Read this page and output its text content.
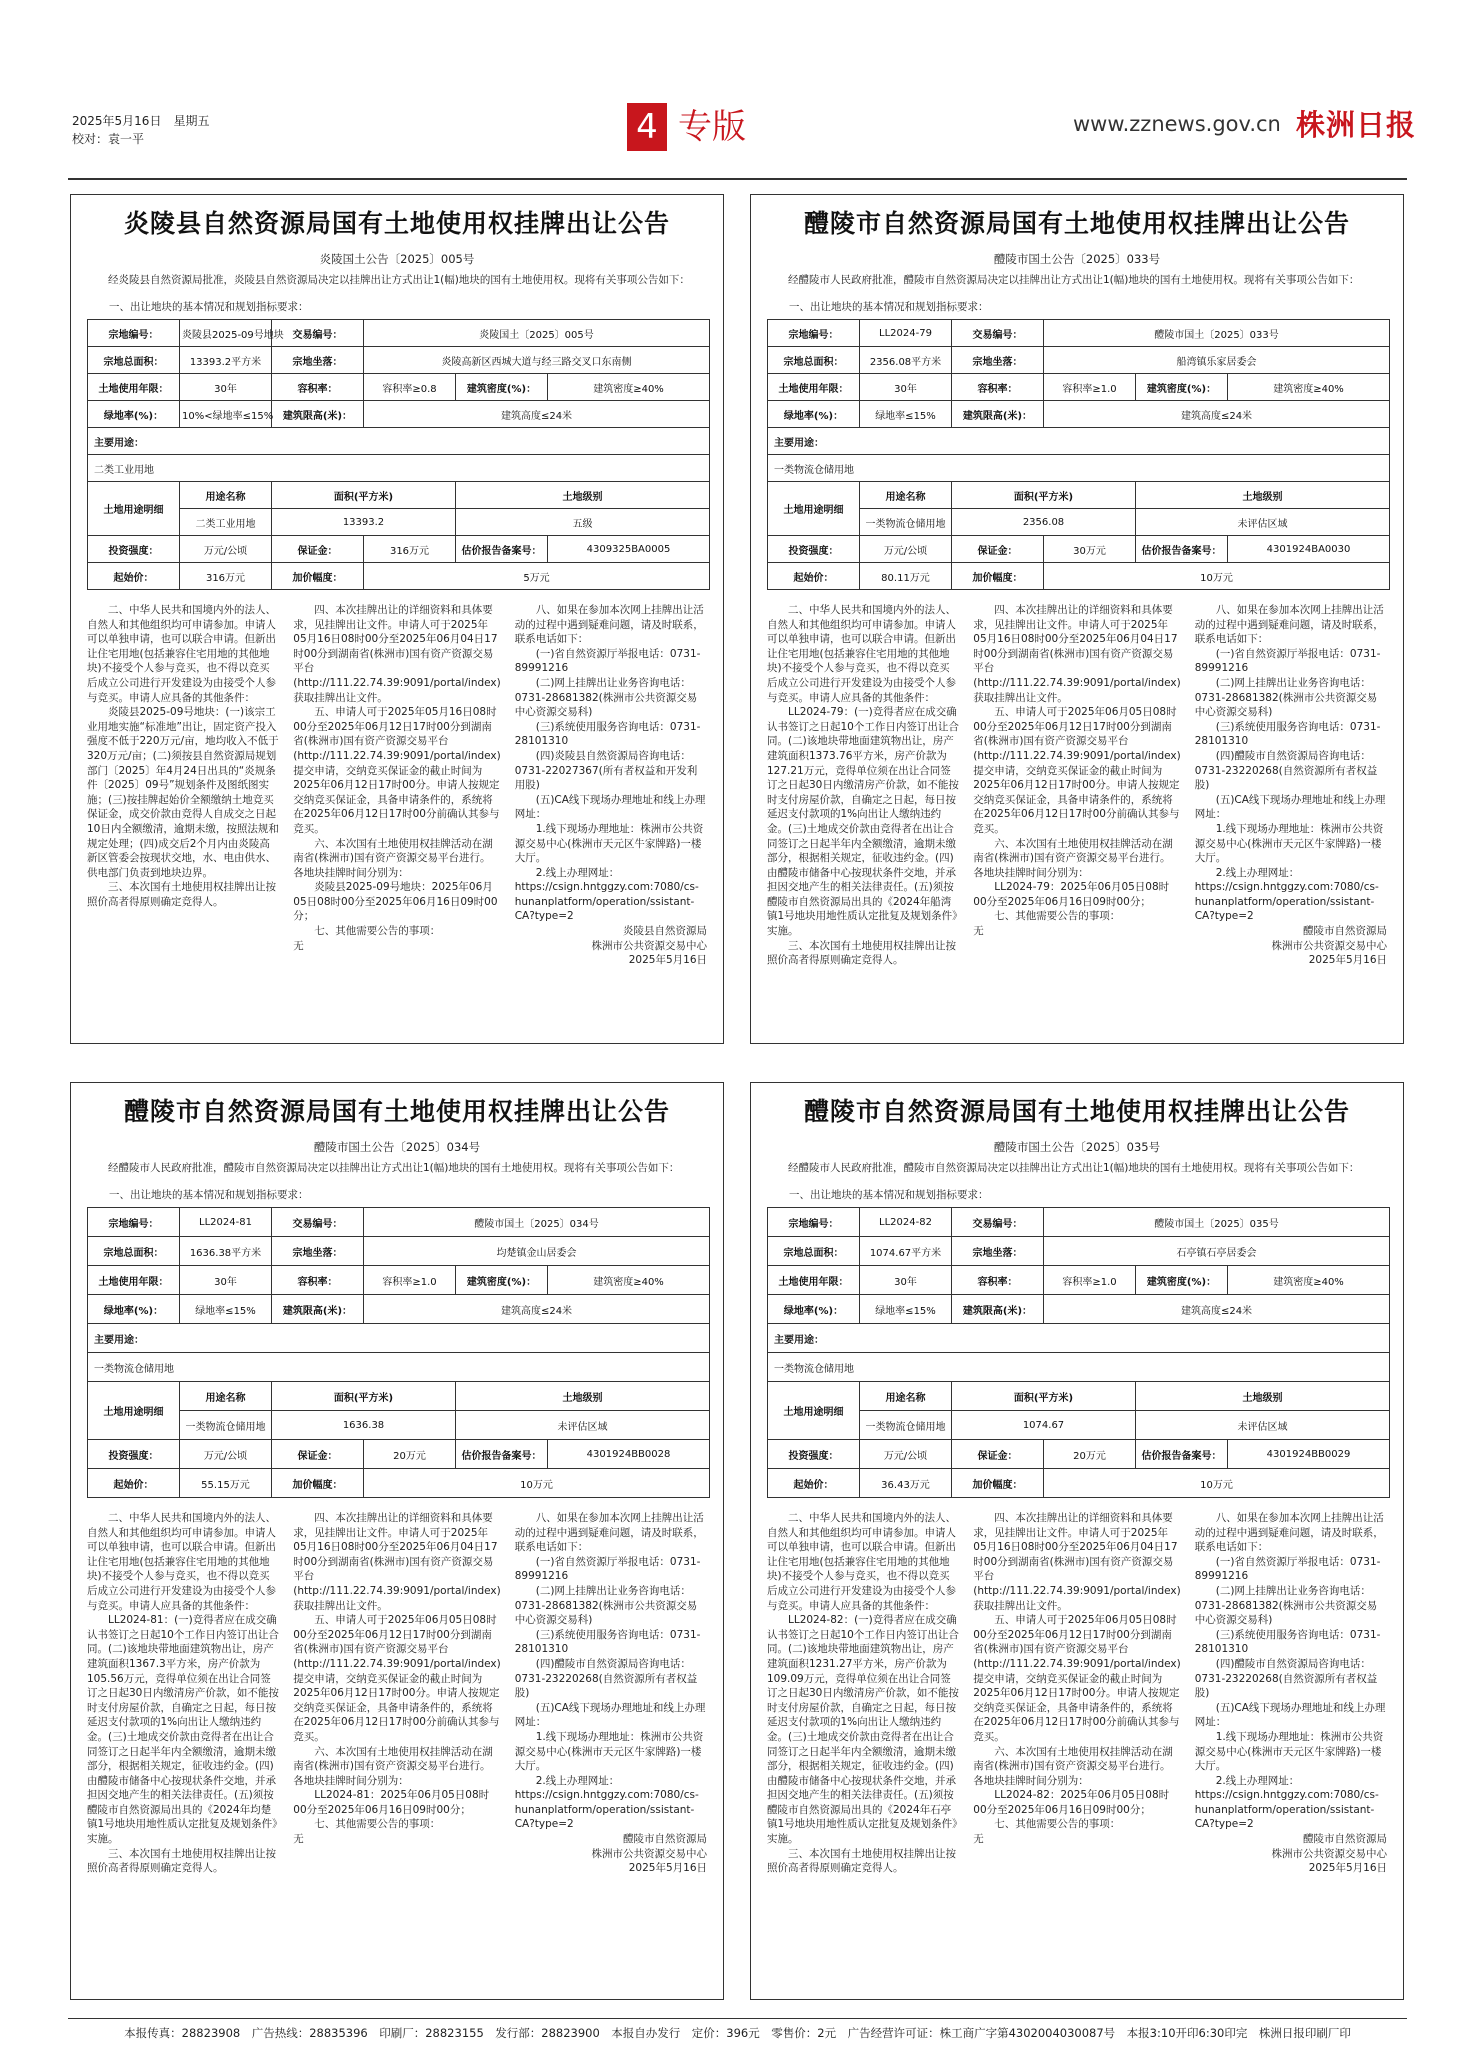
2025年5月16日　星期五
校对：袁一平	4 专版	www.zznews.gov.cn 株洲日报
炎陵县自然资源局国有土地使用权挂牌出让公告
炎陵国土公告〔2025〕005号
经炎陵县自然资源局批准，炎陵县自然资源局决定以挂牌出让方式出让1(幅)地块的国有土地使用权。现将有关事项公告如下：
一、出让地块的基本情况和规划指标要求：
宗地编号：	炎陵县2025-09号地块	交易编号：	炎陵国土〔2025〕005号		
宗地总面积：	13393.2平方米	宗地坐落：	炎陵高新区西城大道与经三路交叉口东南侧		
土地使用年限：	30年	容积率：	容积率≥0.8	建筑密度(%)：	建筑密度≥40%
绿地率(%)：	10%<绿地率≤15%	建筑限高(米)：	建筑高度≤24米		
主要用途：					
二类工业用地					
土地用途明细	用途名称	面积(平方米)		土地级别	
	二类工业用地	13393.2		五级	
投资强度：	万元/公顷	保证金：	316万元	估价报告备案号：	4309325BA0005
起始价：	316万元	加价幅度：	5万元		

二、中华人民共和国境内外的法人、自然人和其他组织均可申请参加。申请人可以单独申请，也可以联合申请。但新出让住宅用地(包括兼容住宅用地的其他地块)不接受个人参与竞买，也不得以竞买后成立公司进行开发建设为由接受个人参与竞买。申请人应具备的其他条件：

炎陵县2025-09号地块：(一)该宗工业用地实施“标准地”出让，固定资产投入强度不低于220万元/亩，地均收入不低于320万元/亩；(二)须按县自然资源局规划部门〔2025〕年4月24日出具的“炎规条件〔2025〕09号”规划条件及图纸图实施；(三)按挂牌起始价全额缴纳土地竞买保证金，成交价款由竞得人自成交之日起10日内全额缴清，逾期未缴，按照法规和规定处理；(四)成交后2个月内由炎陵高新区管委会按现状交地，水、电由供水、供电部门负责到地块边界。

三、本次国有土地使用权挂牌出让按照价高者得原则确定竞得人。

四、本次挂牌出让的详细资料和具体要求，见挂牌出让文件。申请人可于2025年05月16日08时00分至2025年06月04日17时00分到湖南省(株洲市)国有资产资源交易平台(http://111.22.74.39:9091/portal/index)获取挂牌出让文件。

五、申请人可于2025年05月16日08时00分至2025年06月12日17时00分到湖南省(株洲市)国有资产资源交易平台(http://111.22.74.39:9091/portal/index)提交申请，交纳竞买保证金的截止时间为2025年06月12日17时00分。申请人按规定交纳竞买保证金，具备申请条件的，系统将在2025年06月12日17时00分前确认其参与竞买。

六、本次国有土地使用权挂牌活动在湖南省(株洲市)国有资产资源交易平台进行。各地块挂牌时间分别为：

炎陵县2025-09号地块：2025年06月05日08时00分至2025年06月16日09时00分；

七、其他需要公告的事项：

无

八、如果在参加本次网上挂牌出让活动的过程中遇到疑难问题，请及时联系，联系电话如下：

(一)省自然资源厅举报电话：0731-89991216

(二)网上挂牌出让业务咨询电话：0731-28681382(株洲市公共资源交易中心资源交易科)

(三)系统使用服务咨询电话：0731-28101310

(四)炎陵县自然资源局咨询电话：0731-22027367(所有者权益和开发利用股)

(五)CA线下现场办理地址和线上办理网址：

1.线下现场办理地址：株洲市公共资源交易中心(株洲市天元区牛家牌路)一楼大厅。

2.线上办理网址：https://csign.hntggzy.com:7080/cs-hunanplatform/operation/ssistant-CA?type=2

炎陵县自然资源局

株洲市公共资源交易中心

2025年5月16日

醴陵市自然资源局国有土地使用权挂牌出让公告
醴陵市国土公告〔2025〕033号
经醴陵市人民政府批准，醴陵市自然资源局决定以挂牌出让方式出让1(幅)地块的国有土地使用权。现将有关事项公告如下：
一、出让地块的基本情况和规划指标要求：
宗地编号：	LL2024-79	交易编号：	醴陵市国土〔2025〕033号		
宗地总面积：	2356.08平方米	宗地坐落：	船湾镇乐家居委会		
土地使用年限：	30年	容积率：	容积率≥1.0	建筑密度(%)：	建筑密度≥40%
绿地率(%)：	绿地率≤15%	建筑限高(米)：	建筑高度≤24米		
主要用途：					
一类物流仓储用地					
土地用途明细	用途名称	面积(平方米)		土地级别	
	一类物流仓储用地	2356.08		未评估区域	
投资强度：	万元/公顷	保证金：	30万元	估价报告备案号：	4301924BA0030
起始价：	80.11万元	加价幅度：	10万元		

二、中华人民共和国境内外的法人、自然人和其他组织均可申请参加。申请人可以单独申请，也可以联合申请。但新出让住宅用地(包括兼容住宅用地的其他地块)不接受个人参与竞买，也不得以竞买后成立公司进行开发建设为由接受个人参与竞买。申请人应具备的其他条件：

LL2024-79：(一)竞得者应在成交确认书签订之日起10个工作日内签订出让合同。(二)该地块带地面建筑物出让，房产建筑面积1373.76平方米，房产价款为127.21万元，竞得单位须在出让合同签订之日起30日内缴清房产价款，如不能按时支付房屋价款，自确定之日起，每日按延迟支付款项的1%向出让人缴纳违约金。(三)土地成交价款由竞得者在出让合同签订之日起半年内全额缴清，逾期未缴部分，根据相关规定，征收违约金。(四)由醴陵市储备中心按现状条件交地，并承担因交地产生的相关法律责任。(五)须按醴陵市自然资源局出具的《2024年船湾镇1号地块用地性质认定批复及规划条件》实施。

三、本次国有土地使用权挂牌出让按照价高者得原则确定竞得人。

四、本次挂牌出让的详细资料和具体要求，见挂牌出让文件。申请人可于2025年05月16日08时00分至2025年06月04日17时00分到湖南省(株洲市)国有资产资源交易平台(http://111.22.74.39:9091/portal/index)获取挂牌出让文件。

五、申请人可于2025年06月05日08时00分至2025年06月12日17时00分到湖南省(株洲市)国有资产资源交易平台(http://111.22.74.39:9091/portal/index)提交申请，交纳竞买保证金的截止时间为2025年06月12日17时00分。申请人按规定交纳竞买保证金，具备申请条件的，系统将在2025年06月12日17时00分前确认其参与竞买。

六、本次国有土地使用权挂牌活动在湖南省(株洲市)国有资产资源交易平台进行。各地块挂牌时间分别为：

LL2024-79：2025年06月05日08时00分至2025年06月16日09时00分；

七、其他需要公告的事项：

无

八、如果在参加本次网上挂牌出让活动的过程中遇到疑难问题，请及时联系，联系电话如下：

(一)省自然资源厅举报电话：0731-89991216

(二)网上挂牌出让业务咨询电话：0731-28681382(株洲市公共资源交易中心资源交易科)

(三)系统使用服务咨询电话：0731-28101310

(四)醴陵市自然资源局咨询电话：0731-23220268(自然资源所有者权益股)

(五)CA线下现场办理地址和线上办理网址：

1.线下现场办理地址：株洲市公共资源交易中心(株洲市天元区牛家牌路)一楼大厅。

2.线上办理网址：https://csign.hntggzy.com:7080/cs-hunanplatform/operation/ssistant-CA?type=2

醴陵市自然资源局

株洲市公共资源交易中心

2025年5月16日

醴陵市自然资源局国有土地使用权挂牌出让公告
醴陵市国土公告〔2025〕034号
经醴陵市人民政府批准，醴陵市自然资源局决定以挂牌出让方式出让1(幅)地块的国有土地使用权。现将有关事项公告如下：
一、出让地块的基本情况和规划指标要求：
宗地编号：	LL2024-81	交易编号：	醴陵市国土〔2025〕034号		
宗地总面积：	1636.38平方米	宗地坐落：	均楚镇金山居委会		
土地使用年限：	30年	容积率：	容积率≥1.0	建筑密度(%)：	建筑密度≥40%
绿地率(%)：	绿地率≤15%	建筑限高(米)：	建筑高度≤24米		
主要用途：					
一类物流仓储用地					
土地用途明细	用途名称	面积(平方米)		土地级别	
	一类物流仓储用地	1636.38		未评估区域	
投资强度：	万元/公顷	保证金：	20万元	估价报告备案号：	4301924BB0028
起始价：	55.15万元	加价幅度：	10万元		

二、中华人民共和国境内外的法人、自然人和其他组织均可申请参加。申请人可以单独申请，也可以联合申请。但新出让住宅用地(包括兼容住宅用地的其他地块)不接受个人参与竞买，也不得以竞买后成立公司进行开发建设为由接受个人参与竞买。申请人应具备的其他条件：

LL2024-81：(一)竞得者应在成交确认书签订之日起10个工作日内签订出让合同。(二)该地块带地面建筑物出让，房产建筑面积1367.3平方米，房产价款为105.56万元，竞得单位须在出让合同签订之日起30日内缴清房产价款，如不能按时支付房屋价款，自确定之日起，每日按延迟支付款项的1%向出让人缴纳违约金。(三)土地成交价款由竞得者在出让合同签订之日起半年内全额缴清，逾期未缴部分，根据相关规定，征收违约金。(四)由醴陵市储备中心按现状条件交地，并承担因交地产生的相关法律责任。(五)须按醴陵市自然资源局出具的《2024年均楚镇1号地块用地性质认定批复及规划条件》实施。

三、本次国有土地使用权挂牌出让按照价高者得原则确定竞得人。

四、本次挂牌出让的详细资料和具体要求，见挂牌出让文件。申请人可于2025年05月16日08时00分至2025年06月04日17时00分到湖南省(株洲市)国有资产资源交易平台(http://111.22.74.39:9091/portal/index)获取挂牌出让文件。

五、申请人可于2025年06月05日08时00分至2025年06月12日17时00分到湖南省(株洲市)国有资产资源交易平台(http://111.22.74.39:9091/portal/index)提交申请，交纳竞买保证金的截止时间为2025年06月12日17时00分。申请人按规定交纳竞买保证金，具备申请条件的，系统将在2025年06月12日17时00分前确认其参与竞买。

六、本次国有土地使用权挂牌活动在湖南省(株洲市)国有资产资源交易平台进行。各地块挂牌时间分别为：

LL2024-81：2025年06月05日08时00分至2025年06月16日09时00分；

七、其他需要公告的事项：

无

八、如果在参加本次网上挂牌出让活动的过程中遇到疑难问题，请及时联系，联系电话如下：

(一)省自然资源厅举报电话：0731-89991216

(二)网上挂牌出让业务咨询电话：0731-28681382(株洲市公共资源交易中心资源交易科)

(三)系统使用服务咨询电话：0731-28101310

(四)醴陵市自然资源局咨询电话：0731-23220268(自然资源所有者权益股)

(五)CA线下现场办理地址和线上办理网址：

1.线下现场办理地址：株洲市公共资源交易中心(株洲市天元区牛家牌路)一楼大厅。

2.线上办理网址：https://csign.hntggzy.com:7080/cs-hunanplatform/operation/ssistant-CA?type=2

醴陵市自然资源局

株洲市公共资源交易中心

2025年5月16日

醴陵市自然资源局国有土地使用权挂牌出让公告
醴陵市国土公告〔2025〕035号
经醴陵市人民政府批准，醴陵市自然资源局决定以挂牌出让方式出让1(幅)地块的国有土地使用权。现将有关事项公告如下：
一、出让地块的基本情况和规划指标要求：
宗地编号：	LL2024-82	交易编号：	醴陵市国土〔2025〕035号		
宗地总面积：	1074.67平方米	宗地坐落：	石亭镇石亭居委会		
土地使用年限：	30年	容积率：	容积率≥1.0	建筑密度(%)：	建筑密度≥40%
绿地率(%)：	绿地率≤15%	建筑限高(米)：	建筑高度≤24米		
主要用途：					
一类物流仓储用地					
土地用途明细	用途名称	面积(平方米)		土地级别	
	一类物流仓储用地	1074.67		未评估区域	
投资强度：	万元/公顷	保证金：	20万元	估价报告备案号：	4301924BB0029
起始价：	36.43万元	加价幅度：	10万元		

二、中华人民共和国境内外的法人、自然人和其他组织均可申请参加。申请人可以单独申请，也可以联合申请。但新出让住宅用地(包括兼容住宅用地的其他地块)不接受个人参与竞买，也不得以竞买后成立公司进行开发建设为由接受个人参与竞买。申请人应具备的其他条件：

LL2024-82：(一)竞得者应在成交确认书签订之日起10个工作日内签订出让合同。(二)该地块带地面建筑物出让，房产建筑面积1231.27平方米，房产价款为109.09万元，竞得单位须在出让合同签订之日起30日内缴清房产价款，如不能按时支付房屋价款，自确定之日起，每日按延迟支付款项的1%向出让人缴纳违约金。(三)土地成交价款由竞得者在出让合同签订之日起半年内全额缴清，逾期未缴部分，根据相关规定，征收违约金。(四)由醴陵市储备中心按现状条件交地，并承担因交地产生的相关法律责任。(五)须按醴陵市自然资源局出具的《2024年石亭镇1号地块用地性质认定批复及规划条件》实施。

三、本次国有土地使用权挂牌出让按照价高者得原则确定竞得人。

四、本次挂牌出让的详细资料和具体要求，见挂牌出让文件。申请人可于2025年05月16日08时00分至2025年06月04日17时00分到湖南省(株洲市)国有资产资源交易平台(http://111.22.74.39:9091/portal/index)获取挂牌出让文件。

五、申请人可于2025年06月05日08时00分至2025年06月12日17时00分到湖南省(株洲市)国有资产资源交易平台(http://111.22.74.39:9091/portal/index)提交申请，交纳竞买保证金的截止时间为2025年06月12日17时00分。申请人按规定交纳竞买保证金，具备申请条件的，系统将在2025年06月12日17时00分前确认其参与竞买。

六、本次国有土地使用权挂牌活动在湖南省(株洲市)国有资产资源交易平台进行。各地块挂牌时间分别为：

LL2024-82：2025年06月05日08时00分至2025年06月16日09时00分；

七、其他需要公告的事项：

无

八、如果在参加本次网上挂牌出让活动的过程中遇到疑难问题，请及时联系，联系电话如下：

(一)省自然资源厅举报电话：0731-89991216

(二)网上挂牌出让业务咨询电话：0731-28681382(株洲市公共资源交易中心资源交易科)

(三)系统使用服务咨询电话：0731-28101310

(四)醴陵市自然资源局咨询电话：0731-23220268(自然资源所有者权益股)

(五)CA线下现场办理地址和线上办理网址：

1.线下现场办理地址：株洲市公共资源交易中心(株洲市天元区牛家牌路)一楼大厅。

2.线上办理网址：https://csign.hntggzy.com:7080/cs-hunanplatform/operation/ssistant-CA?type=2

醴陵市自然资源局

株洲市公共资源交易中心

2025年5月16日

本报传真：28823908　广告热线：28835396　印刷厂：28823155　发行部：28823900　本报自办发行　定价：396元　零售价：2元　广告经营许可证：株工商广字第4302004030087号　本报3:10开印6:30印完　株洲日报印刷厂印
